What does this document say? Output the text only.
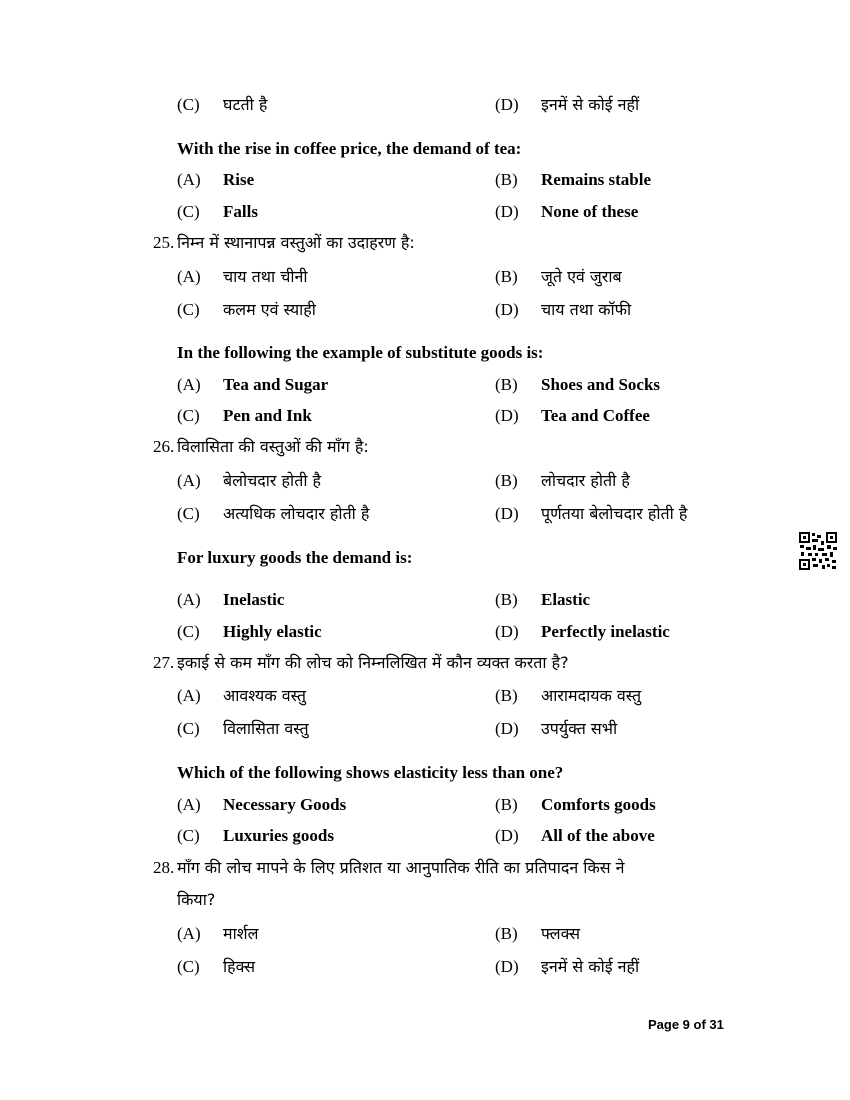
(C) घटती है	(D) इनमें से कोई नहीं
With the rise in coffee price, the demand of tea:
(A) Rise	(B) Remains stable
(C) Falls	(D) None of these
25. निम्न में स्थानापन्न वस्तुओं का उदाहरण है:
(A) चाय तथा चीनी	(B) जूते एवं जुराब
(C) कलम एवं स्याही	(D) चाय तथा कॉफी
In the following the example of substitute goods is:
(A) Tea and Sugar	(B) Shoes and Socks
(C) Pen and Ink	(D) Tea and Coffee
26. विलासिता की वस्तुओं की माँग है:
(A) बेलोचदार होती है	(B) लोचदार होती है
(C) अत्यधिक लोचदार होती है	(D) पूर्णतया बेलोचदार होती है
For luxury goods the demand is:
(A) Inelastic	(B) Elastic
(C) Highly elastic	(D) Perfectly inelastic
27. इकाई से कम माँग की लोच को निम्नलिखित में कौन व्यक्त करता है?
(A) आवश्यक वस्तु	(B) आरामदायक वस्तु
(C) विलासिता वस्तु	(D) उपर्युक्त सभी
Which of the following shows elasticity less than one?
(A) Necessary Goods	(B) Comforts goods
(C) Luxuries goods	(D) All of the above
28. माँग की लोच मापने के लिए प्रतिशत या आनुपातिक रीति का प्रतिपादन किस ने
किया?
(A) मार्शल	(B) फ्लक्स
(C) हिक्स	(D) इनमें से कोई नहीं
Page 9 of 31
